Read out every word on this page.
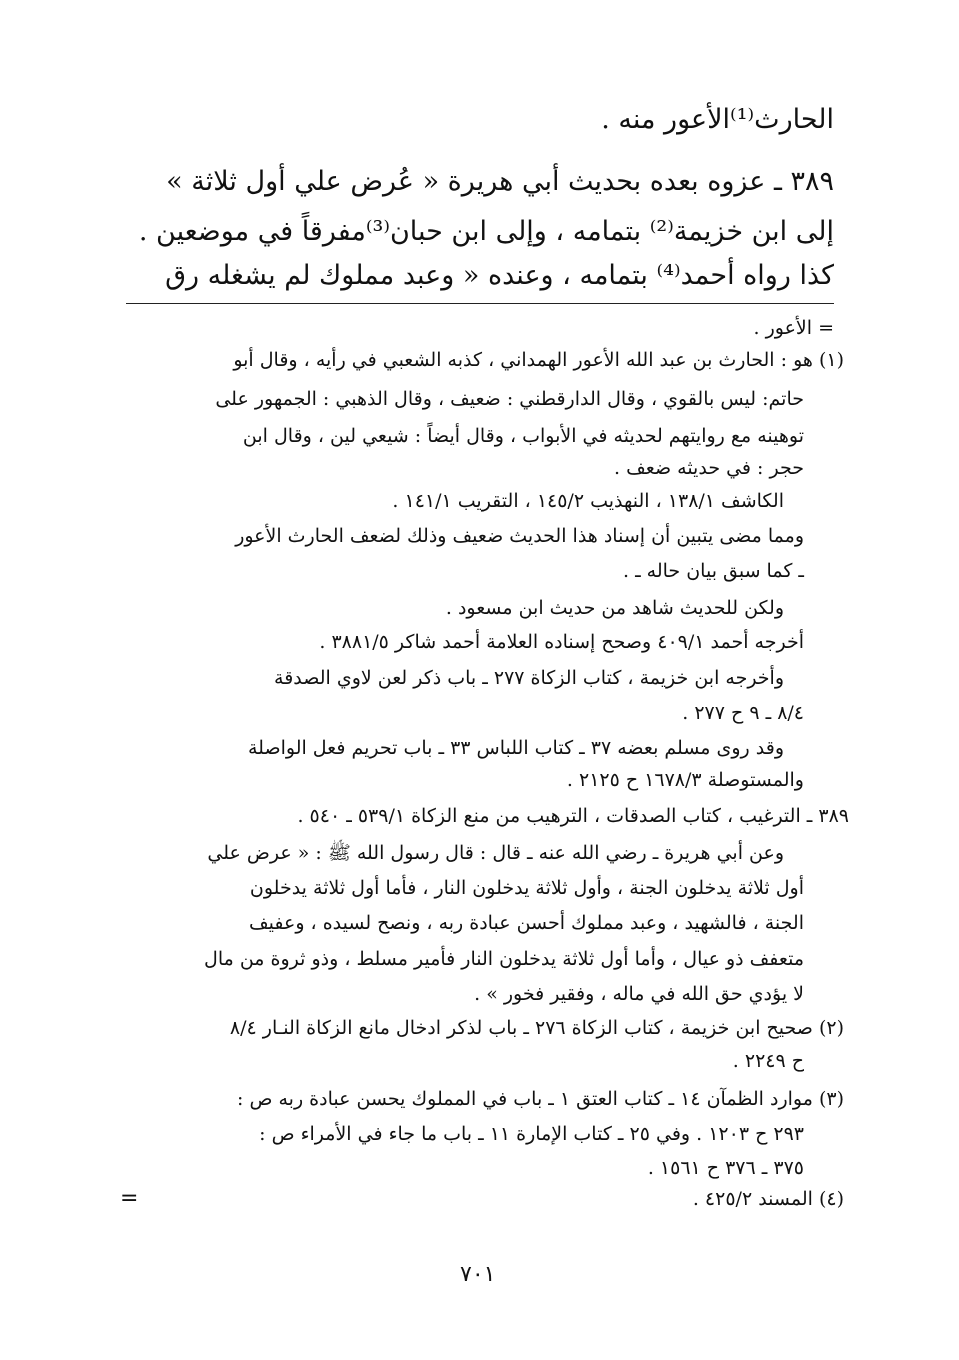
الحارث⁽¹⁾الأعور منه .
٣٨٩ ـ عزوه بعده بحديث أبي هريرة « عُرض علي أول ثلاثة »
إلى ابن خزيمة⁽²⁾ بتمامه ، وإلى ابن حبان⁽³⁾مفرقاً في موضعين .
كذا رواه أحمد⁽⁴⁾ بتمامه ، وعنده « وعبد مملوك لم يشغله رق
= الأعور .
(١) هو : الحارث بن عبد الله الأعور الهمداني ، كذبه الشعبي في رأيه ، وقال أبو
حاتم: ليس بالقوي ، وقال الدارقطني : ضعيف ، وقال الذهبي : الجمهور على
توهينه مع روايتهم لحديثه في الأبواب ، وقال أيضاً : شيعي لين ، وقال ابن
حجر : في حديثه ضعف .
الكاشف ١٣٨/١ ، النهذيب ١٤٥/٢ ، التقريب ١٤١/١ .
ومما مضى يتبين أن إسناد هذا الحديث ضعيف وذلك لضعف الحارث الأعور
ـ كما سبق بيان حاله ـ .
ولكن للحديث شاهد من حديث ابن مسعود .
أخرجه أحمد ٤٠٩/١ وصحح إسناده العلامة أحمد شاكر ٣٨٨١/٥ .
وأخرجه ابن خزيمة ، كتاب الزكاة ٢٧٧ ـ باب ذكر لعن لاوي الصدقة
٨/٤ ـ ٩ ح ٢٧٧ .
وقد روى مسلم بعضه ٣٧ ـ كتاب اللباس ٣٣ ـ باب تحريم فعل الواصلة
والمستوصلة ١٦٧٨/٣ ح ٢١٢٥ .
٣٨٩ ـ الترغيب ، كتاب الصدقات ، الترهيب من منع الزكاة ٥٣٩/١ ـ ٥٤٠ .
وعن أبي هريرة ـ رضي الله عنه ـ قال : قال رسول الله ﷺ : « عرض علي
أول ثلاثة يدخلون الجنة ، وأول ثلاثة يدخلون النار ، فأما أول ثلاثة يدخلون
الجنة ، فالشهيد ، وعبد مملوك أحسن عبادة ربه ، ونصح لسيده ، وعفيف
متعفف ذو عيال ، وأما أول ثلاثة يدخلون النار فأمير مسلط ، وذو ثروة من مال
لا يؤدي حق الله في ماله ، وفقير فخور » .
(٢) صحيح ابن خزيمة ، كتاب الزكاة ٢٧٦ ـ باب لذكر ادخال مانع الزكاة النـار ٨/٤
ح ٢٢٤٩ .
(٣) موارد الظمآن ١٤ ـ كتاب العتق ١ ـ باب في المملوك يحسن عبادة ربه ص :
٢٩٣ ح ١٢٠٣ . وفي ٢٥ ـ كتاب الإمارة ١١ ـ باب ما جاء في الأمراء ص :
٣٧٥ ـ ٣٧٦ ح ١٥٦١ .
(٤) المسند ٤٢٥/٢ .
=
٧٠١
